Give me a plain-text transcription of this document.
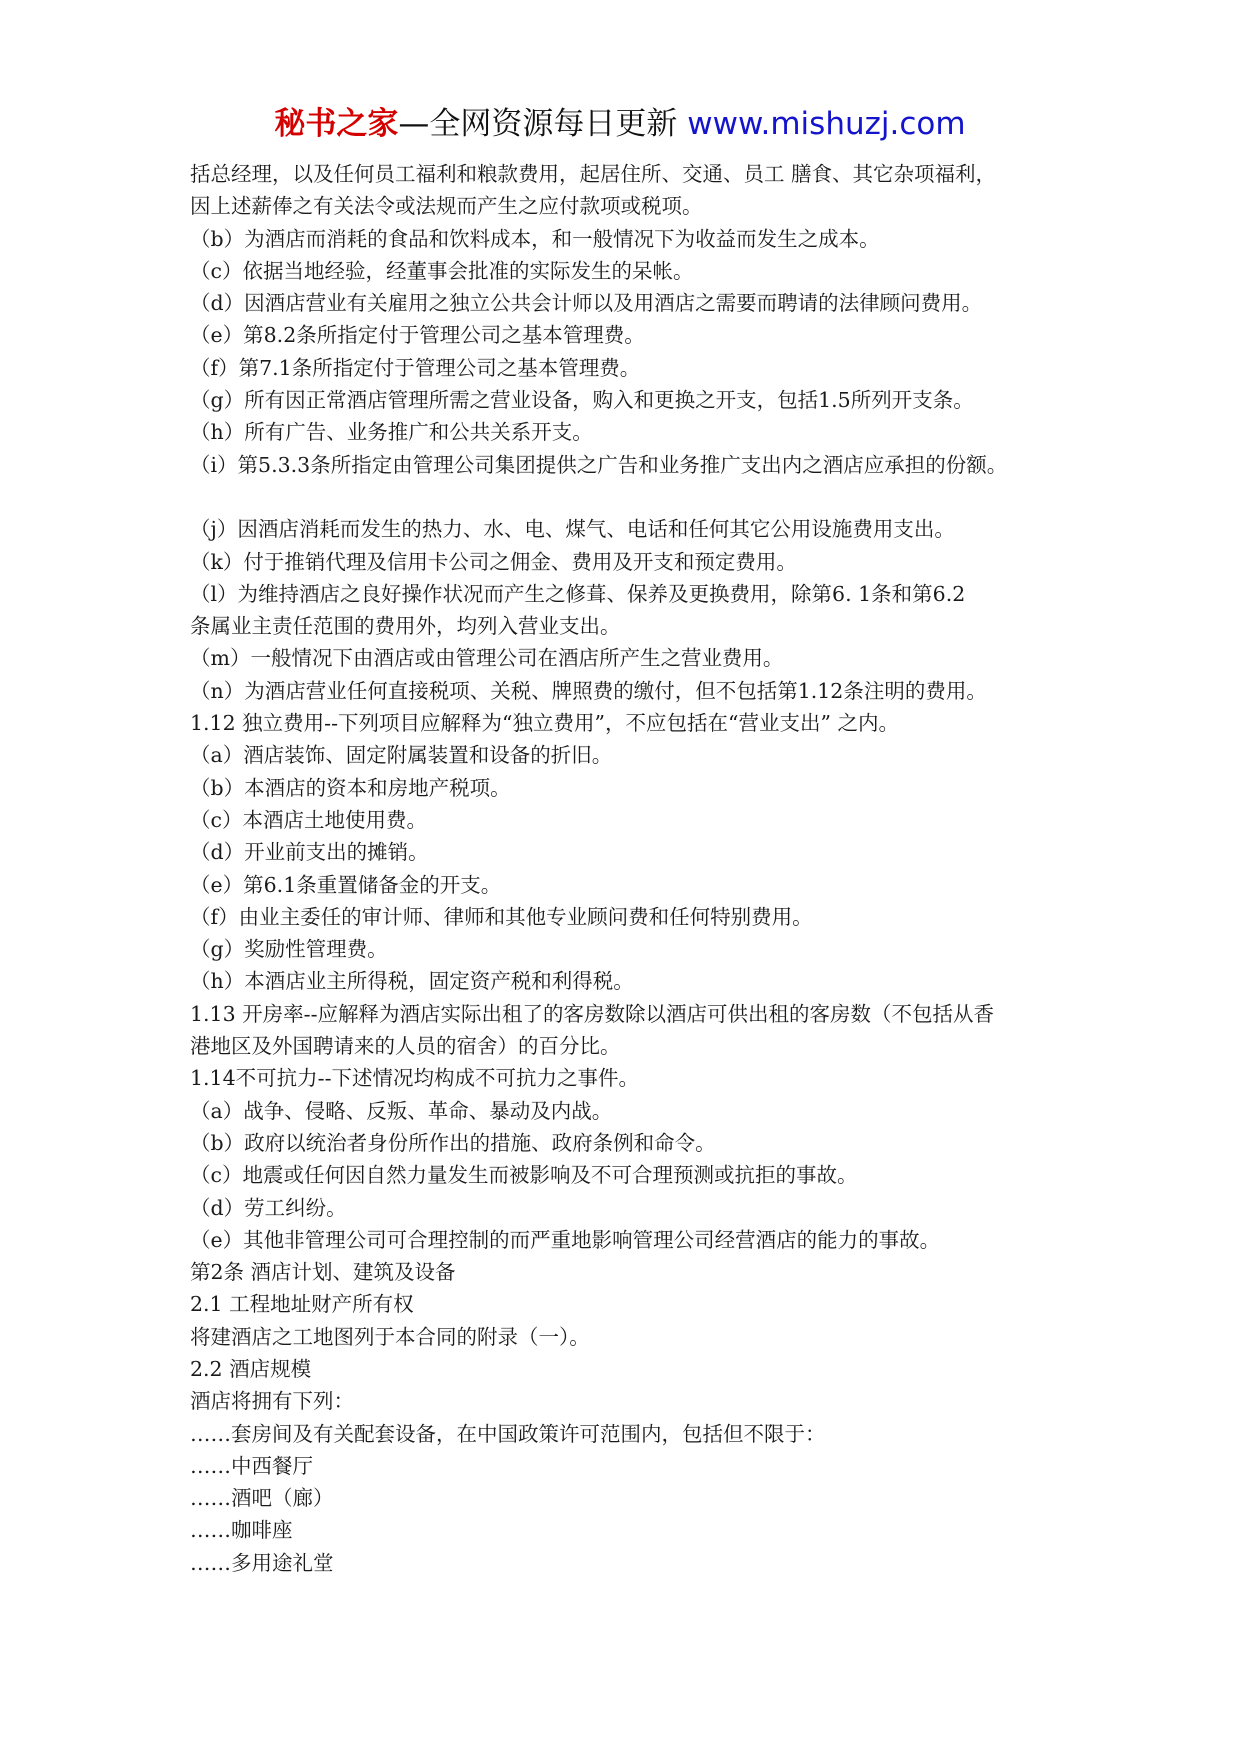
秘书之家—全网资源每日更新 www.mishuzj.com
括总经理，以及任何员工福利和粮款费用，起居住所、交通、员工 膳食、其它杂项福利，
因上述薪俸之有关法令或法规而产生之应付款项或税项。
（b）为酒店而消耗的食品和饮料成本，和一般情况下为收益而发生之成本。
（c）依据当地经验，经董事会批准的实际发生的呆帐。
（d）因酒店营业有关雇用之独立公共会计师以及用酒店之需要而聘请的法律顾问费用。
（e）第8.2条所指定付于管理公司之基本管理费。
（f）第7.1条所指定付于管理公司之基本管理费。
（g）所有因正常酒店管理所需之营业设备，购入和更换之开支，包括1.5所列开支条。
（h）所有广告、业务推广和公共关系开支。
（i）第5.3.3条所指定由管理公司集团提供之广告和业务推广支出内之酒店应承担的份额。
（j）因酒店消耗而发生的热力、水、电、煤气、电话和任何其它公用设施费用支出。
（k）付于推销代理及信用卡公司之佣金、费用及开支和预定费用。
（l）为维持酒店之良好操作状况而产生之修葺、保养及更换费用，除第6. 1条和第6.2
条属业主责任范围的费用外，均列入营业支出。
（m）一般情况下由酒店或由管理公司在酒店所产生之营业费用。
（n）为酒店营业任何直接税项、关税、牌照费的缴付，但不包括第1.12条注明的费用。
1.12 独立费用--下列项目应解释为“独立费用”，不应包括在“营业支出” 之内。
（a）酒店装饰、固定附属装置和设备的折旧。
（b）本酒店的资本和房地产税项。
（c）本酒店土地使用费。
（d）开业前支出的摊销。
（e）第6.1条重置储备金的开支。
（f）由业主委任的审计师、律师和其他专业顾问费和任何特别费用。
（g）奖励性管理费。
（h）本酒店业主所得税，固定资产税和利得税。
1.13 开房率--应解释为酒店实际出租了的客房数除以酒店可供出租的客房数（不包括从香
港地区及外国聘请来的人员的宿舍）的百分比。
1.14不可抗力--下述情况均构成不可抗力之事件。
（a）战争、侵略、反叛、革命、暴动及内战。
（b）政府以统治者身份所作出的措施、政府条例和命令。
（c）地震或任何因自然力量发生而被影响及不可合理预测或抗拒的事故。
（d）劳工纠纷。
（e）其他非管理公司可合理控制的而严重地影响管理公司经营酒店的能力的事故。
第2条 酒店计划、建筑及设备
2.1 工程地址财产所有权
将建酒店之工地图列于本合同的附录（一）。
2.2 酒店规模
酒店将拥有下列：
……套房间及有关配套设备，在中国政策许可范围内，包括但不限于：
……中西餐厅
……酒吧（廊）
……咖啡座
……多用途礼堂
